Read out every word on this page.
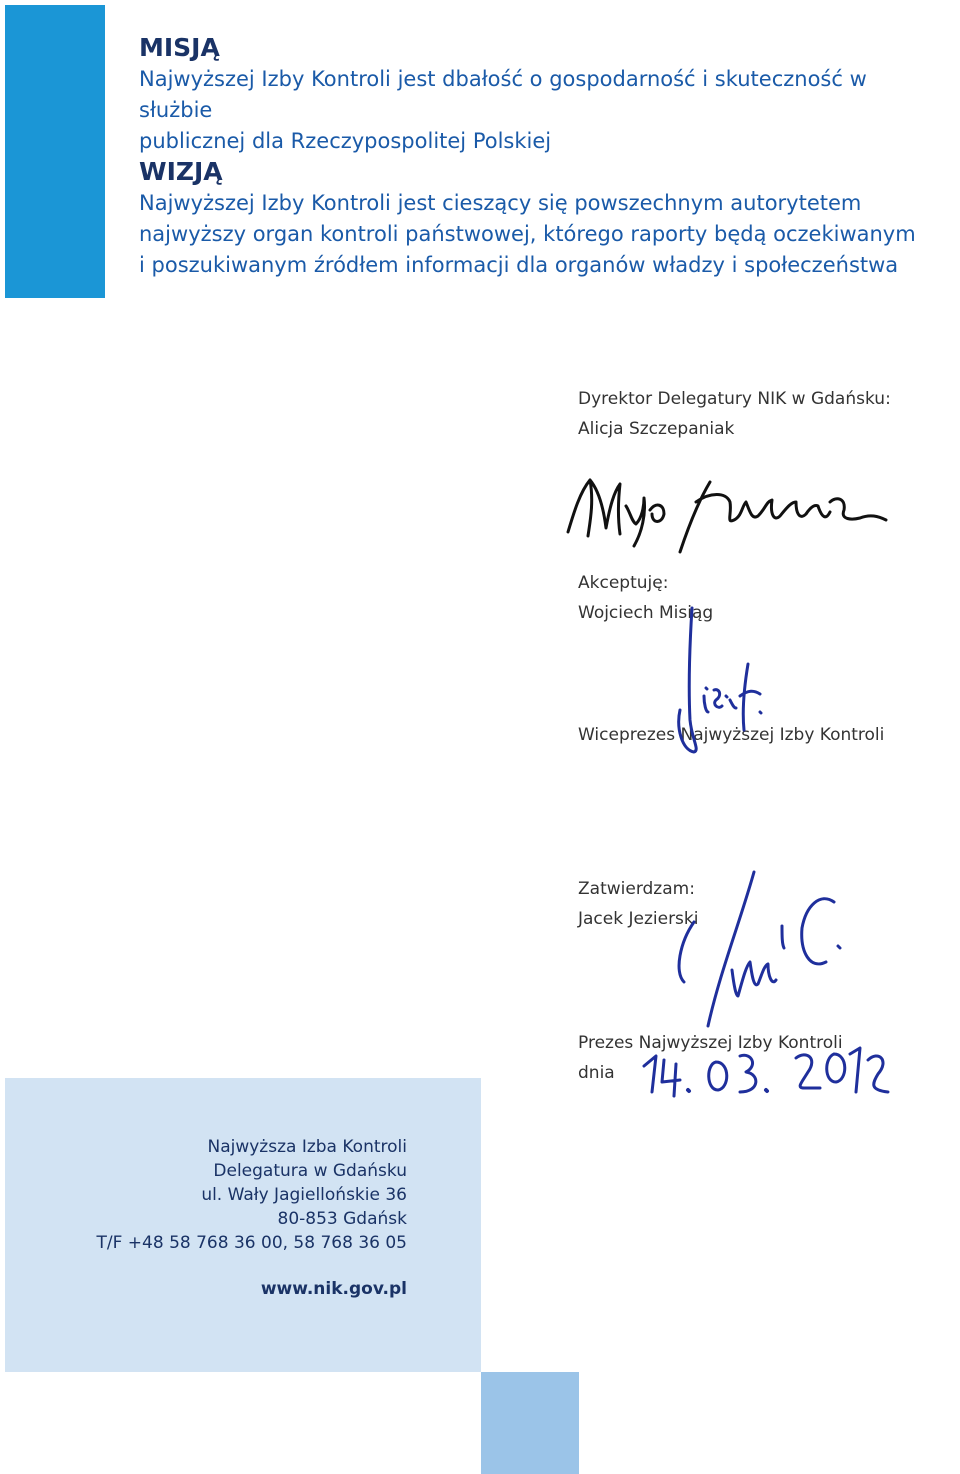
MISJĄ

Najwyższej Izby Kontroli jest dbałość o gospodarność i skuteczność w służbie

publicznej dla Rzeczypospolitej Polskiej

WIZJĄ

Najwyższej Izby Kontroli jest cieszący się powszechnym autorytetem

najwyższy organ kontroli państwowej, którego raporty będą oczekiwanym

i poszukiwanym źródłem informacji dla organów władzy i społeczeństwa

Dyrektor Delegatury NIK w Gdańsku:
Alicja Szczepaniak
Akceptuję:
Wojciech Misiąg
Wiceprezes Najwyższej Izby Kontroli
Zatwierdzam:
Jacek Jezierski
Prezes Najwyższej Izby Kontroli
dnia
Najwyższa Izba Kontroli
Delegatura w Gdańsku
ul. Wały Jagiellońskie 36
80-853 Gdańsk
T/F +48 58 768 36 00, 58 768 36 05
www.nik.gov.pl
